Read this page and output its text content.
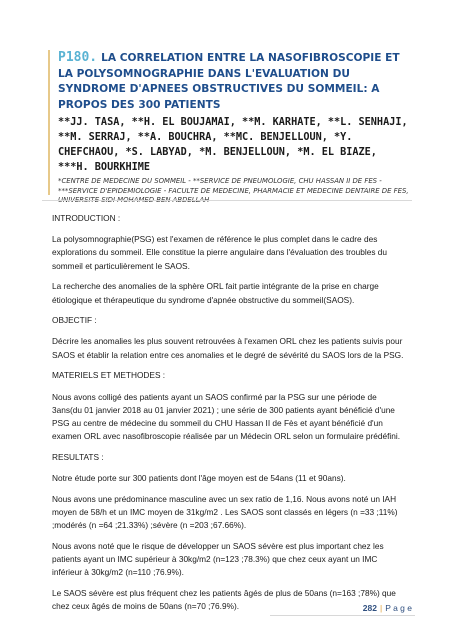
P180. LA CORRELATION ENTRE LA NASOFIBROSCOPIE ET LA POLYSOMNOGRAPHIE DANS L'EVALUATION DU SYNDROME D'APNEES OBSTRUCTIVES DU SOMMEIL: A PROPOS DES 300 PATIENTS
**JJ. TASA, **H. EL BOUJAMAI, **M. KARHATE, **L. SENHAJI, **M. SERRAJ, **A. BOUCHRA, **MC. BENJELLOUN, *Y. CHEFCHAOU, *S. LABYAD, *M. BENJELLOUN, *M. EL BIAZE, ***H. BOURKHIME
*CENTRE DE MEDECINE DU SOMMEIL - **SERVICE DE PNEUMOLOGIE, CHU HASSAN II DE FES - ***SERVICE D'EPIDEMIOLOGIE - FACULTE DE MEDECINE, PHARMACIE ET MEDECINE DENTAIRE DE FES, UNIVERSITE SIDI MOHAMED BEN ABDELLAH

INTRODUCTION :

La polysomnographie(PSG) est l'examen de référence le plus complet dans le cadre des explorations du sommeil. Elle constitue la pierre angulaire dans l'évaluation des troubles du sommeil et particulièrement le SAOS.

La recherche des anomalies de la sphère ORL fait partie intégrante de la prise en charge étiologique et thérapeutique du syndrome d'apnée obstructive du sommeil(SAOS).

OBJECTIF :

Décrire les anomalies les plus souvent retrouvées à l'examen ORL chez les patients suivis pour SAOS et établir la relation entre ces anomalies et le degré de sévérité du SAOS lors de la PSG.

MATERIELS ET METHODES :

Nous avons colligé des patients ayant un SAOS confirmé par la PSG sur une période de 3ans(du 01 janvier 2018 au 01 janvier 2021) ; une série de 300 patients ayant bénéficié d'une PSG au centre de médecine du sommeil du CHU Hassan II de Fès et ayant bénéficié d'un examen ORL avec nasofibroscopie réalisée par un Médecin ORL selon un formulaire prédéfini.

RESULTATS :

Notre étude porte sur 300 patients dont l'âge moyen est de 54ans (11 et 90ans).

Nous avons une prédominance masculine avec un sex ratio de 1,16. Nous avons noté un IAH moyen de 58/h et un IMC moyen de 31kg/m2 . Les SAOS sont classés en légers (n =33 ;11%) ;modérés (n =64 ;21.33%) ;sévère (n =203 ;67.66%).

Nous avons noté que le risque de développer un SAOS sévère est plus important chez les patients ayant un IMC supérieur à 30kg/m2 (n=123 ;78.3%) que chez ceux ayant un IMC inférieur à 30kg/m2 (n=110 ;76.9%).

Le SAOS sévère est plus fréquent chez les patients âgés de plus de 50ans (n=163 ;78%) que chez ceux âgés de moins de 50ans (n=70 ;76.9%).	282 | P a g e
